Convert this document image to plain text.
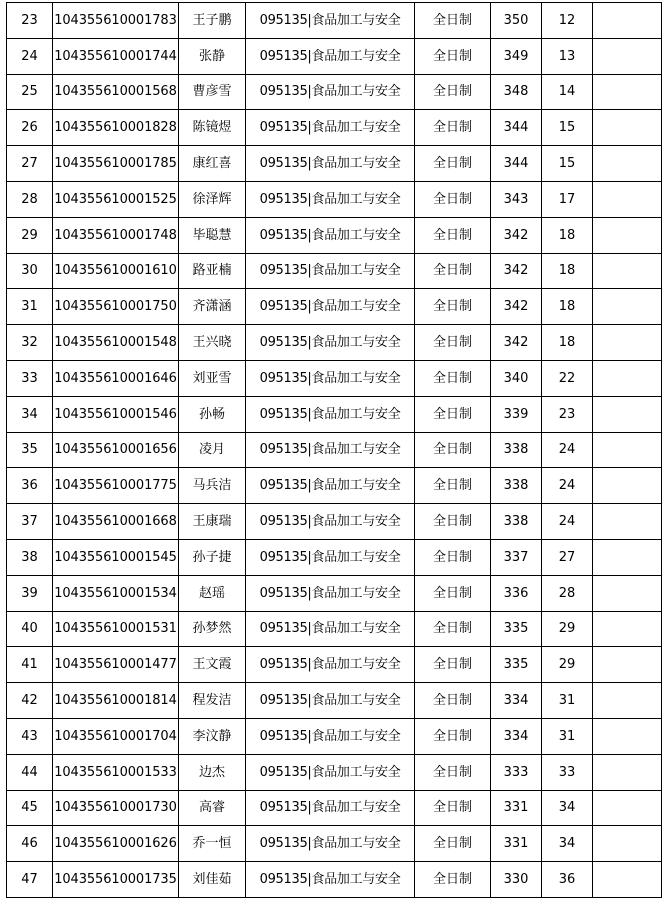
23	104355610001783	王子鹏	095135|食品加工与安全	全日制	350	12	
24	104355610001744	张静	095135|食品加工与安全	全日制	349	13	
25	104355610001568	曹彦雪	095135|食品加工与安全	全日制	348	14	
26	104355610001828	陈镜煜	095135|食品加工与安全	全日制	344	15	
27	104355610001785	康红喜	095135|食品加工与安全	全日制	344	15	
28	104355610001525	徐泽辉	095135|食品加工与安全	全日制	343	17	
29	104355610001748	毕聪慧	095135|食品加工与安全	全日制	342	18	
30	104355610001610	路亚楠	095135|食品加工与安全	全日制	342	18	
31	104355610001750	齐潇涵	095135|食品加工与安全	全日制	342	18	
32	104355610001548	王兴晓	095135|食品加工与安全	全日制	342	18	
33	104355610001646	刘亚雪	095135|食品加工与安全	全日制	340	22	
34	104355610001546	孙畅	095135|食品加工与安全	全日制	339	23	
35	104355610001656	凌月	095135|食品加工与安全	全日制	338	24	
36	104355610001775	马兵洁	095135|食品加工与安全	全日制	338	24	
37	104355610001668	王康瑞	095135|食品加工与安全	全日制	338	24	
38	104355610001545	孙子捷	095135|食品加工与安全	全日制	337	27	
39	104355610001534	赵瑶	095135|食品加工与安全	全日制	336	28	
40	104355610001531	孙梦然	095135|食品加工与安全	全日制	335	29	
41	104355610001477	王文霞	095135|食品加工与安全	全日制	335	29	
42	104355610001814	程发洁	095135|食品加工与安全	全日制	334	31	
43	104355610001704	李汶静	095135|食品加工与安全	全日制	334	31	
44	104355610001533	边杰	095135|食品加工与安全	全日制	333	33	
45	104355610001730	高睿	095135|食品加工与安全	全日制	331	34	
46	104355610001626	乔一恒	095135|食品加工与安全	全日制	331	34	
47	104355610001735	刘佳茹	095135|食品加工与安全	全日制	330	36	
